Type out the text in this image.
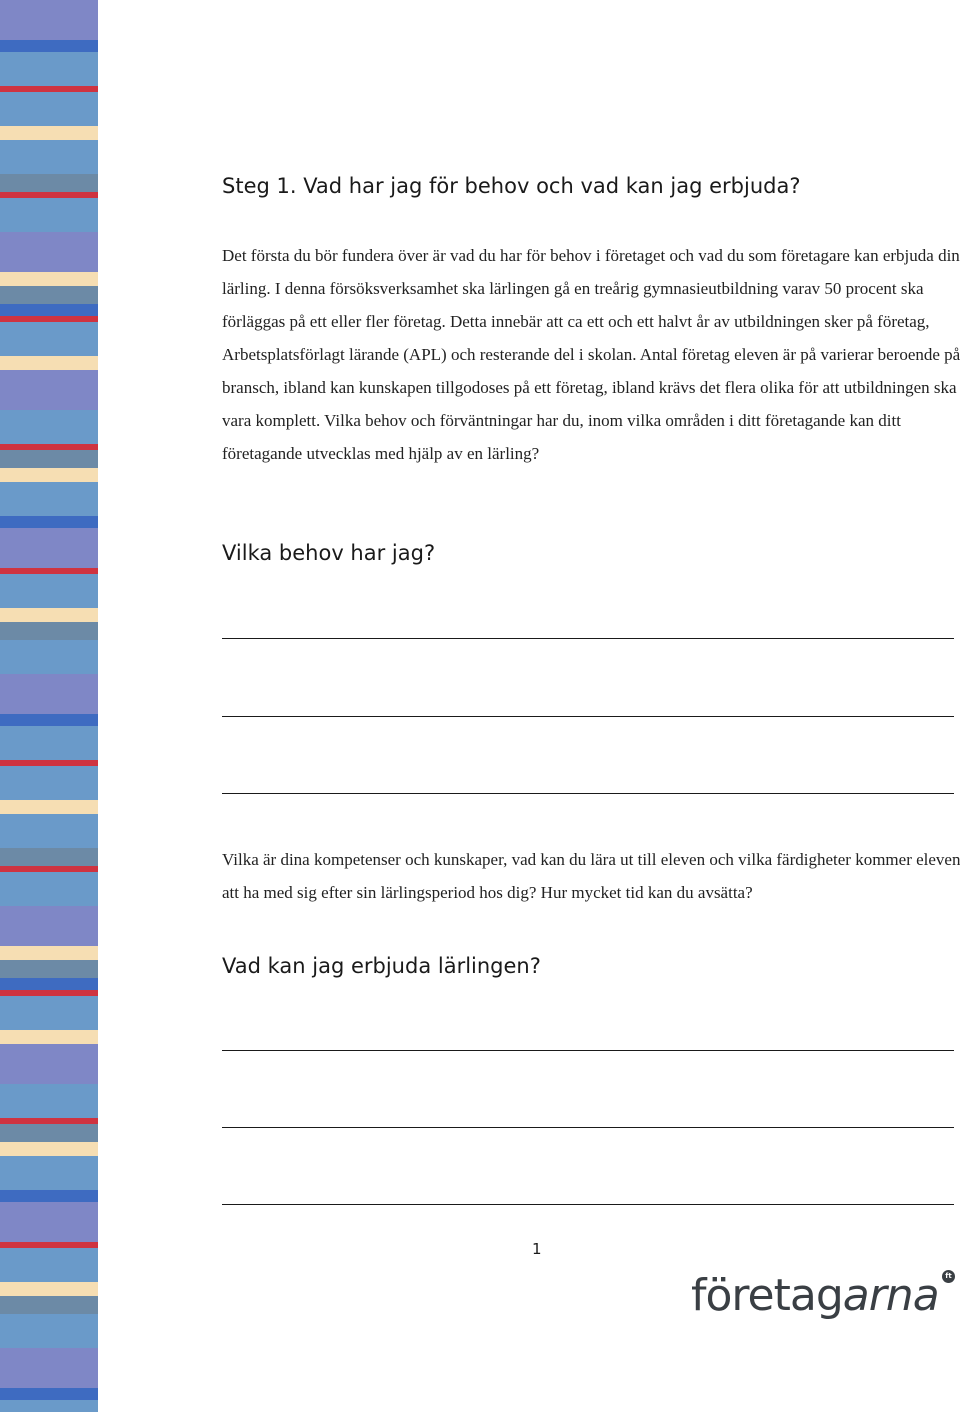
Steg 1. Vad har jag för behov och vad kan jag erbjuda?

Det första du bör fundera över är vad du har för behov i företaget och vad du som företagare kan erbjuda din lärling. I denna försöksverksamhet ska lärlingen gå en treårig gymnasieutbildning varav 50 procent ska förläggas på ett eller fler företag. Detta innebär att ca ett och ett halvt år av utbildningen sker på företag, Arbetsplatsförlagt lärande (APL) och resterande del i skolan. Antal företag eleven är på varierar beroende på bransch, ibland kan kunskapen tillgodoses på ett företag, ibland krävs det flera olika för att utbildningen ska vara komplett. Vilka behov och förväntningar har du, inom vilka områden i ditt företagande kan ditt företagande utvecklas med hjälp av en lärling?

Vilka behov har jag?

Vilka är dina kompetenser och kunskaper, vad kan du lära ut till eleven och vilka färdigheter kommer eleven att ha med sig efter sin lärlingsperiod hos dig? Hur mycket tid kan du avsätta?

Vad kan jag erbjuda lärlingen?
1
företagarna ft
